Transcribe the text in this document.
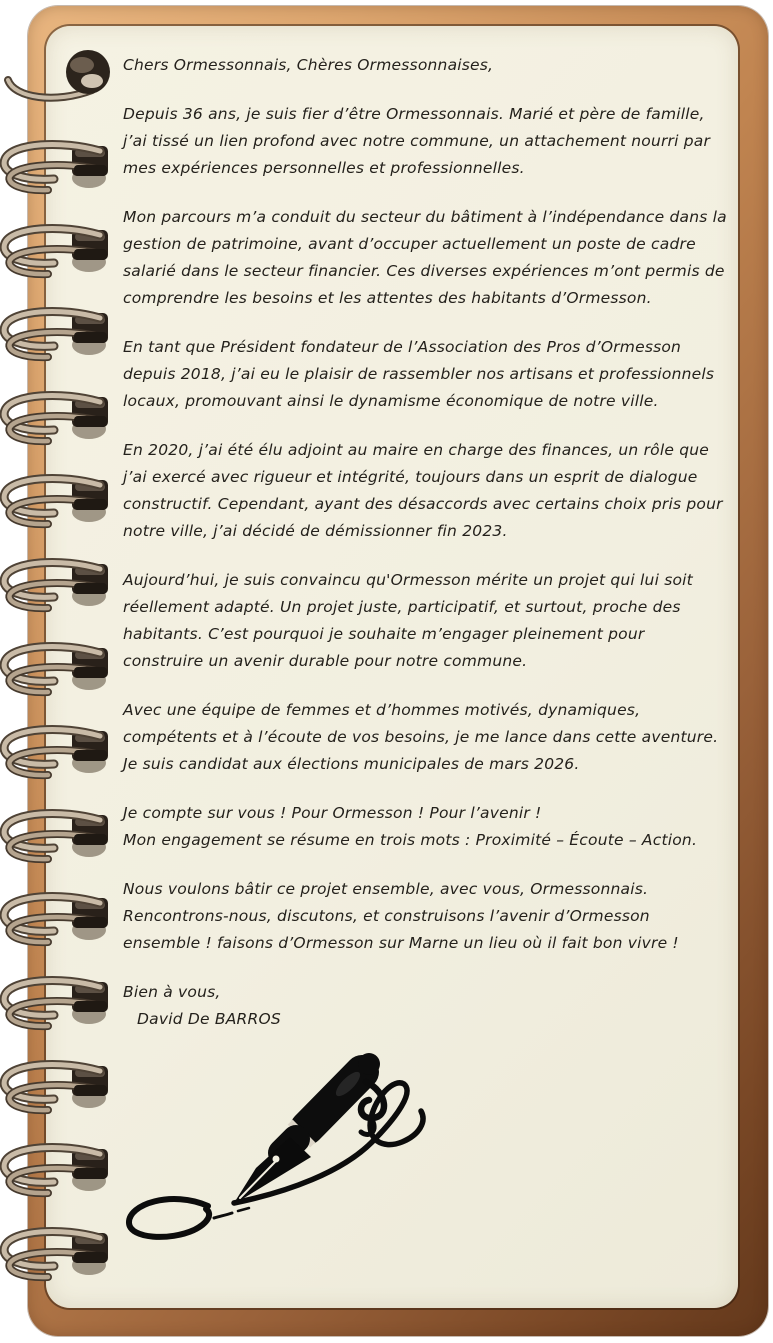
Chers Ormessonnais, Chères Ormessonnaises,

Depuis 36 ans, je suis fier d’être Ormessonnais. Marié et père de famille, j’ai tissé un lien profond avec notre commune, un attachement nourri par mes expériences personnelles et professionnelles.

Mon parcours m’a conduit du secteur du bâtiment à l’indépendance dans la gestion de patrimoine, avant d’occuper actuellement un poste de cadre salarié dans le secteur financier. Ces diverses expériences m’ont permis de comprendre les besoins et les attentes des habitants d’Ormesson.

En tant que Président fondateur de l’Association des Pros d’Ormesson depuis 2018, j’ai eu le plaisir de rassembler nos artisans et professionnels locaux, promouvant ainsi le dynamisme économique de notre ville.

En 2020, j’ai été élu adjoint au maire en charge des finances, un rôle que j’ai exercé avec rigueur et intégrité, toujours dans un esprit de dialogue constructif. Cependant, ayant des désaccords avec certains choix pris pour notre ville, j’ai décidé de démissionner fin 2023.

Aujourd’hui, je suis convaincu qu'Ormesson mérite un projet qui lui soit réellement adapté. Un projet juste, participatif, et surtout, proche des habitants. C’est pourquoi je souhaite m’engager pleinement pour construire un avenir durable pour notre commune.

Avec une équipe de femmes et d’hommes motivés, dynamiques, compétents et à l’écoute de vos besoins, je me lance dans cette aventure. Je suis candidat aux élections municipales de mars 2026.

Je compte sur vous ! Pour Ormesson ! Pour l’avenir !
Mon engagement se résume en trois mots : Proximité – Écoute – Action.

Nous voulons bâtir ce projet ensemble, avec vous, Ormessonnais. Rencontrons-nous, discutons, et construisons l’avenir d’Ormesson ensemble ! faisons d’Ormesson sur Marne un lieu où il fait bon vivre !

Bien à vous,
David De BARROS
